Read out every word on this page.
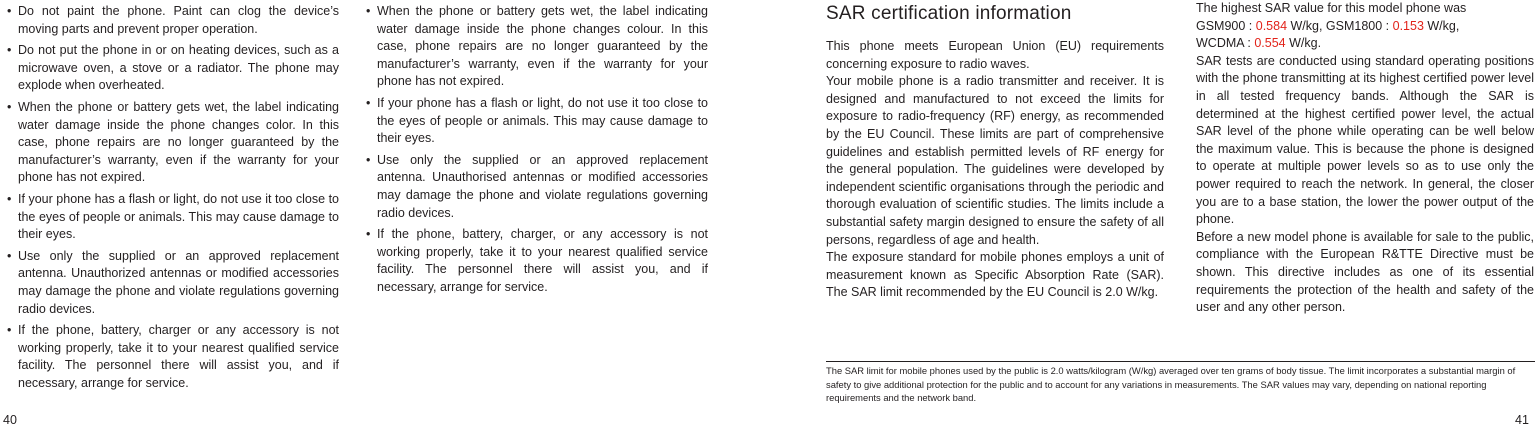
• Do not paint the phone. Paint can clog the device’s moving parts and prevent proper operation.
• Do not put the phone in or on heating devices, such as a microwave oven, a stove or a radiator. The phone may explode when overheated.
• When the phone or battery gets wet, the label indicating water damage inside the phone changes color. In this case, phone repairs are no longer guaranteed by the manufacturer’s warranty, even if the warranty for your phone has not expired.
• If your phone has a flash or light, do not use it too close to the eyes of people or animals. This may cause damage to their eyes.
• Use only the supplied or an approved replacement antenna. Unauthorized antennas or modified accessories may damage the phone and violate regulations governing radio devices.
• If the phone, battery, charger or any accessory is not working properly, take it to your nearest qualified service facility. The personnel there will assist you, and if necessary, arrange for service.
• When the phone or battery gets wet, the label indicating water damage inside the phone changes colour. In this case, phone repairs are no longer guaranteed by the manufacturer’s warranty, even if the warranty for your phone has not expired.
• If your phone has a flash or light, do not use it too close to the eyes of people or animals. This may cause damage to their eyes.
• Use only the supplied or an approved replacement antenna. Unauthorised antennas or modified accessories may damage the phone and violate regulations governing radio devices.
• If the phone, battery, charger, or any accessory is not working properly, take it to your nearest qualified service facility. The personnel there will assist you, and if necessary, arrange for service.
SAR certification information

This phone meets European Union (EU) requirements concerning exposure to radio waves.

Your mobile phone is a radio transmitter and receiver. It is designed and manufactured to not exceed the limits for exposure to radio-frequency (RF) energy, as recommended by the EU Council. These limits are part of comprehensive guidelines and establish permitted levels of RF energy for the general population. The guidelines were developed by independent scientific organisations through the periodic and thorough evaluation of scientific studies. The limits include a substantial safety margin designed to ensure the safety of all persons, regardless of age and health.

The exposure standard for mobile phones employs a unit of measurement known as Specific Absorption Rate (SAR). The SAR limit recommended by the EU Council is 2.0 W/kg.

The highest SAR value for this model phone was
GSM900 : 0.584 W/kg, GSM1800 : 0.153 W/kg,
WCDMA : 0.554 W/kg.

SAR tests are conducted using standard operating positions with the phone transmitting at its highest certified power level in all tested frequency bands. Although the SAR is determined at the highest certified power level, the actual SAR level of the phone while operating can be well below the maximum value. This is because the phone is designed to operate at multiple power levels so as to use only the power required to reach the network. In general, the closer you are to a base station, the lower the power output of the phone.

Before a new model phone is available for sale to the public, compliance with the European R&TTE Directive must be shown. This directive includes as one of its essential requirements the protection of the health and safety of the user and any other person.

The SAR limit for mobile phones used by the public is 2.0 watts/kilogram (W/kg) averaged over ten grams of body tissue. The limit incorporates a substantial margin of safety to give additional protection for the public and to account for any variations in measurements. The SAR values may vary, depending on national reporting requirements and the network band.

40	41
